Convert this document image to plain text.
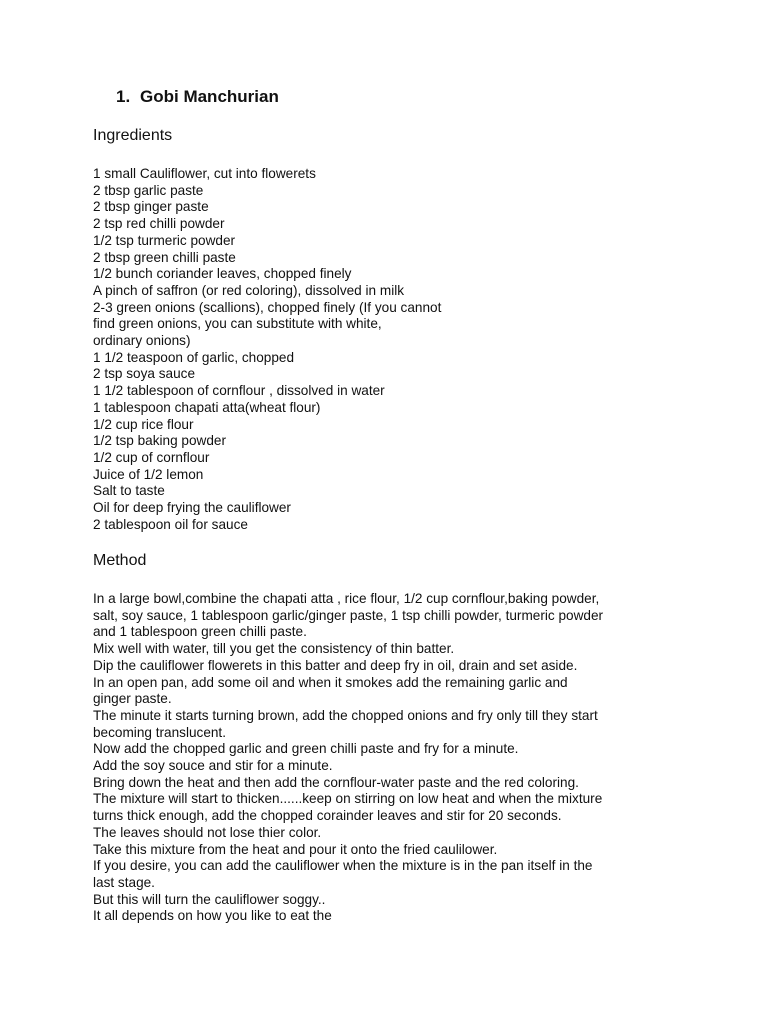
1. Gobi Manchurian
Ingredients
1 small Cauliflower, cut into flowerets
2 tbsp garlic paste
2 tbsp ginger paste
2 tsp red chilli powder
1/2 tsp turmeric powder
2 tbsp green chilli paste
1/2 bunch coriander leaves, chopped finely
A pinch of saffron (or red coloring), dissolved in milk
2-3 green onions (scallions), chopped finely (If you cannot
find green onions, you can substitute with white,
ordinary onions)
1 1/2 teaspoon of garlic, chopped
2 tsp soya sauce
1 1/2 tablespoon of cornflour , dissolved in water
1 tablespoon chapati atta(wheat flour)
1/2 cup rice flour
1/2 tsp baking powder
1/2 cup of cornflour
Juice of 1/2 lemon
Salt to taste
Oil for deep frying the cauliflower
2 tablespoon oil for sauce
Method
In a large bowl,combine the chapati atta , rice flour, 1/2 cup cornflour,baking powder,
salt, soy sauce, 1 tablespoon garlic/ginger paste, 1 tsp chilli powder, turmeric powder
and 1 tablespoon green chilli paste.
Mix well with water, till you get the consistency of thin batter.
Dip the cauliflower flowerets in this batter and deep fry in oil, drain and set aside.
In an open pan, add some oil and when it smokes add the remaining garlic and
ginger paste.
The minute it starts turning brown, add the chopped onions and fry only till they start
becoming translucent.
Now add the chopped garlic and green chilli paste and fry for a minute.
Add the soy souce and stir for a minute.
Bring down the heat and then add the cornflour-water paste and the red coloring.
The mixture will start to thicken......keep on stirring on low heat and when the mixture
turns thick enough, add the chopped corainder leaves and stir for 20 seconds.
The leaves should not lose thier color.
Take this mixture from the heat and pour it onto the fried caulilower.
If you desire, you can add the cauliflower when the mixture is in the pan itself in the
last stage.
But this will turn the cauliflower soggy..
It all depends on how you like to eat the
